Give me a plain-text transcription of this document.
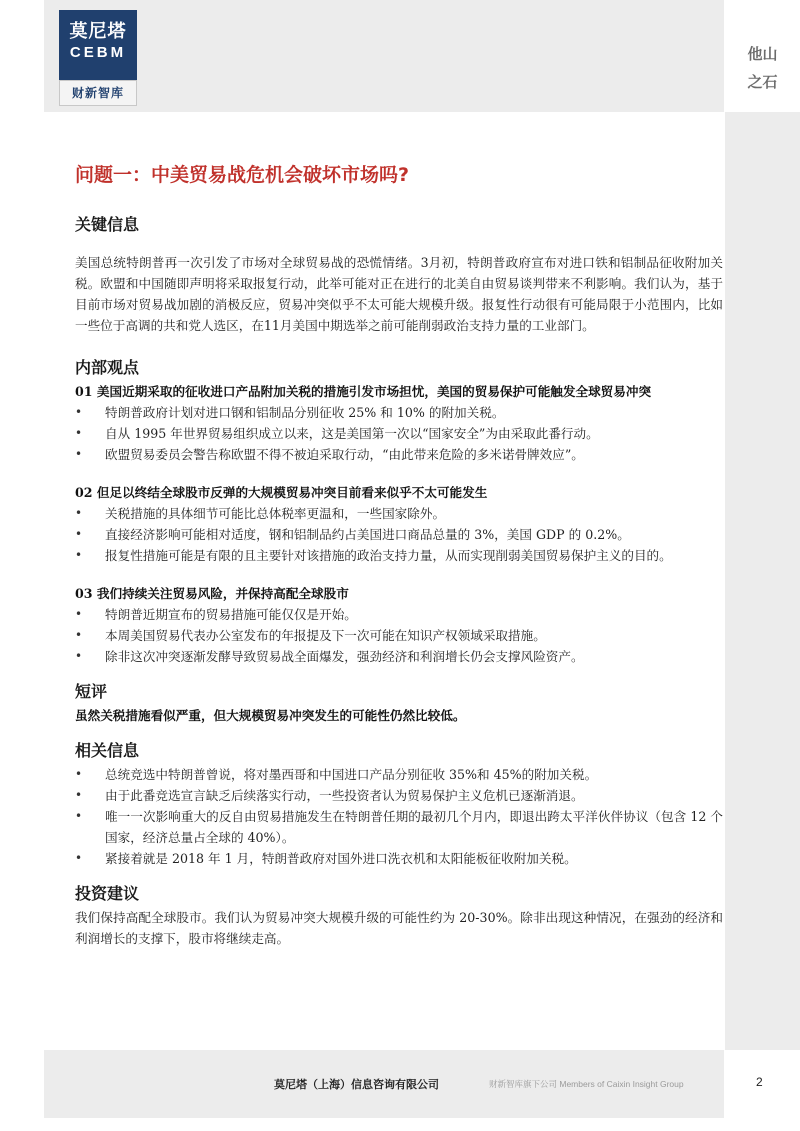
莫尼塔
CEBM
财新智库
他山
之石
问题一：中美贸易战危机会破坏市场吗?
关键信息

美国总统特朗普再一次引发了市场对全球贸易战的恐慌情绪。3月初，特朗普政府宣布对进口铁和铝制品征收附加关税。欧盟和中国随即声明将采取报复行动，此举可能对正在进行的北美自由贸易谈判带来不利影响。我们认为，基于目前市场对贸易战加剧的消极反应，贸易冲突似乎不太可能大规模升级。报复性行动很有可能局限于小范围内，比如一些位于高调的共和党人选区，在11月美国中期选举之前可能削弱政治支持力量的工业部门。

内部观点

01 美国近期采取的征收进口产品附加关税的措施引发市场担忧，美国的贸易保护可能触发全球贸易冲突

• 特朗普政府计划对进口钢和铝制品分别征收 25% 和 10% 的附加关税。
• 自从 1995 年世界贸易组织成立以来，这是美国第一次以“国家安全”为由采取此番行动。
• 欧盟贸易委员会警告称欧盟不得不被迫采取行动，“由此带来危险的多米诺骨牌效应”。

02 但足以终结全球股市反弹的大规模贸易冲突目前看来似乎不太可能发生

• 关税措施的具体细节可能比总体税率更温和，一些国家除外。
• 直接经济影响可能相对适度，钢和铝制品约占美国进口商品总量的 3%，美国 GDP 的 0.2%。
• 报复性措施可能是有限的且主要针对该措施的政治支持力量，从而实现削弱美国贸易保护主义的目的。

03 我们持续关注贸易风险，并保持高配全球股市

• 特朗普近期宣布的贸易措施可能仅仅是开始。
• 本周美国贸易代表办公室发布的年报提及下一次可能在知识产权领域采取措施。
• 除非这次冲突逐渐发酵导致贸易战全面爆发，强劲经济和利润增长仍会支撑风险资产。
短评

虽然关税措施看似严重，但大规模贸易冲突发生的可能性仍然比较低。

相关信息
• 总统竞选中特朗普曾说，将对墨西哥和中国进口产品分别征收 35%和 45%的附加关税。
• 由于此番竞选宣言缺乏后续落实行动，一些投资者认为贸易保护主义危机已逐渐消退。
• 唯一一次影响重大的反自由贸易措施发生在特朗普任期的最初几个月内，即退出跨太平洋伙伴协议（包含 12 个国家，经济总量占全球的 40%）。
• 紧接着就是 2018 年 1 月，特朗普政府对国外进口洗衣机和太阳能板征收附加关税。
投资建议

我们保持高配全球股市。我们认为贸易冲突大规模升级的可能性约为 20-30%。除非出现这种情况，在强劲的经济和利润增长的支撑下，股市将继续走高。

莫尼塔（上海）信息咨询有限公司	财新智库旗下公司 Members of Caixin Insight Group	2
